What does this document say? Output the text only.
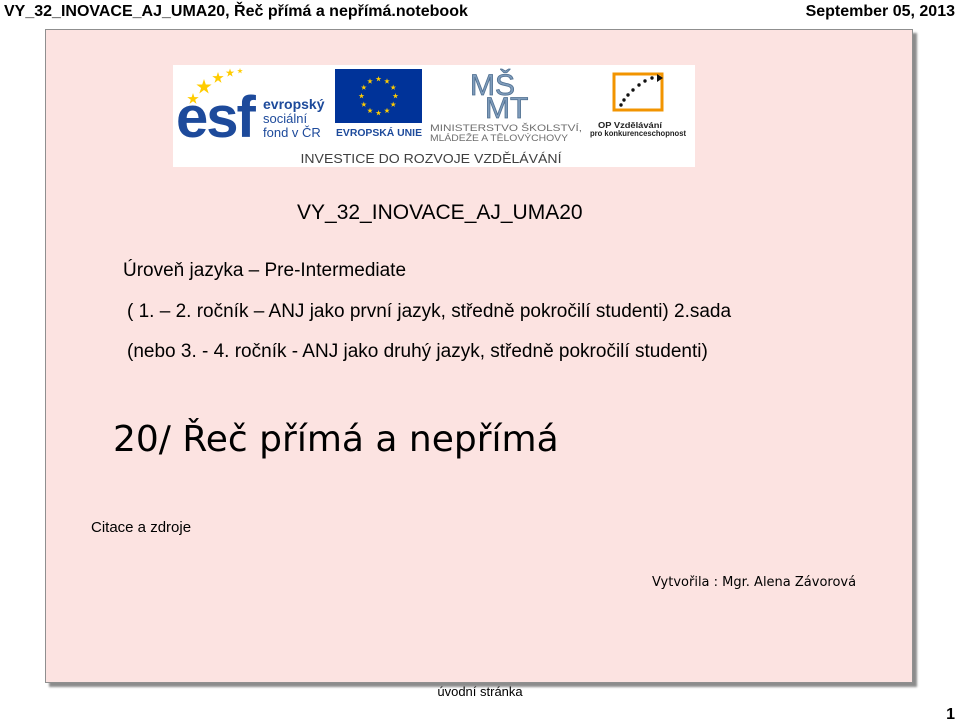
VY_32_INOVACE_AJ_UMA20, Řeč přímá a nepřímá.notebook	September 05, 2013
esf evropský
sociální
fond v ČR EVROPSKÁ UNIE
MŠ
MT
MINISTERSTVO ŠKOLSTVÍ,
MLÁDEŽE A TĚLOVÝCHOVY
OP Vzdělávání
pro konkurenceschopnost
INVESTICE DO ROZVOJE VZDĚLÁVÁNÍ
VY_32_INOVACE_AJ_UMA20
Úroveň jazyka – Pre-Intermediate
( 1. – 2. ročník – ANJ jako první jazyk, středně pokročilí studenti) 2.sada
(nebo 3. - 4. ročník - ANJ jako druhý jazyk, středně pokročilí studenti)
20/ Řeč přímá a nepřímá
Citace a zdroje
Vytvořila : Mgr. Alena Závorová
úvodní stránka
1
